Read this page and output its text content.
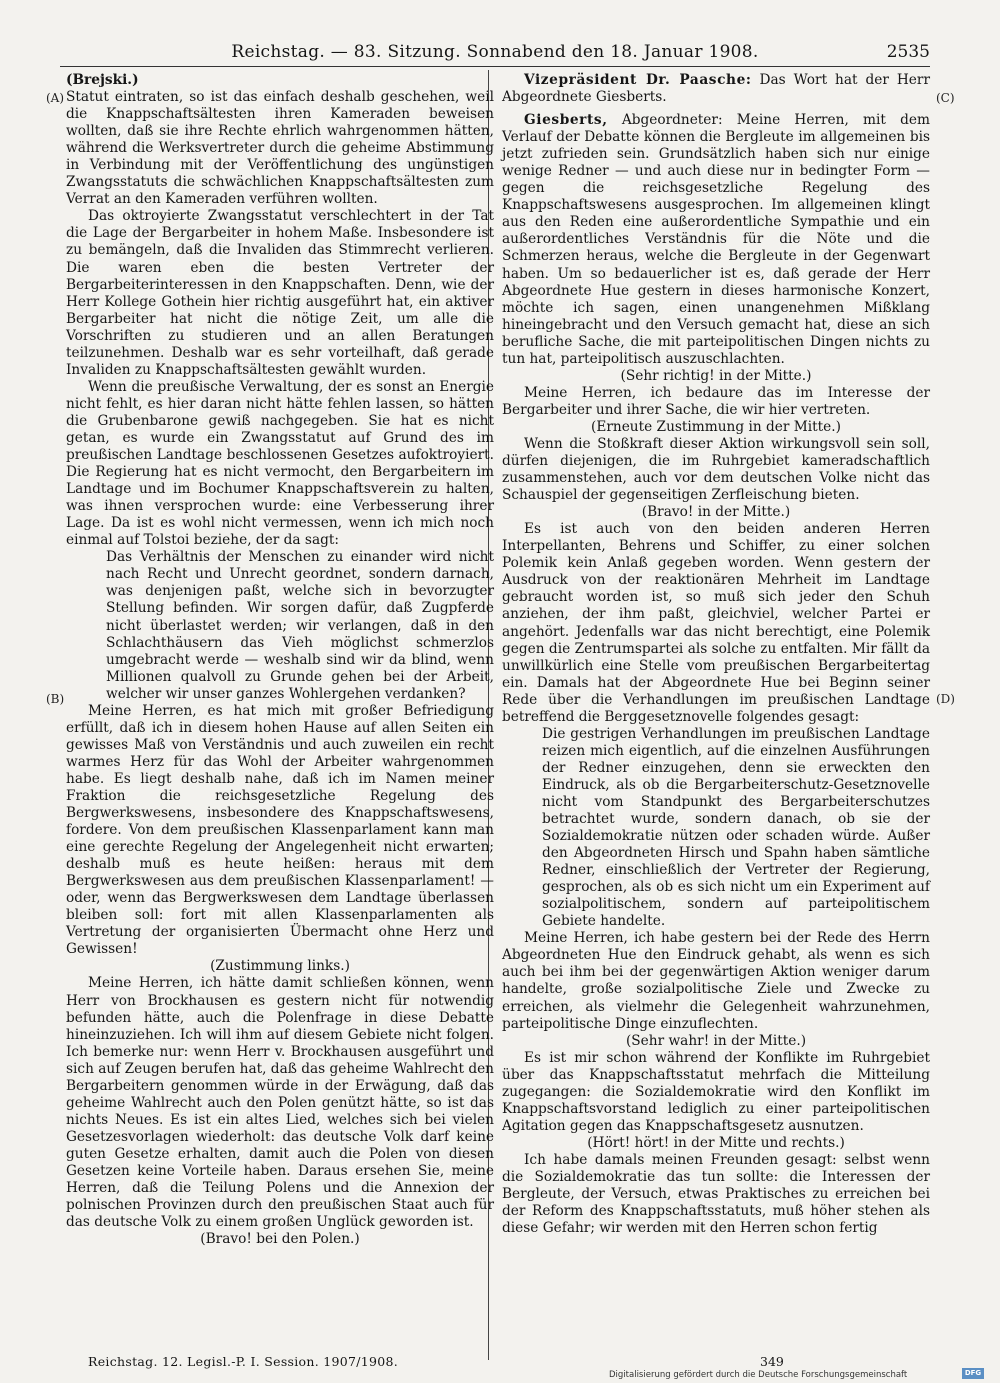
Reichstag. — 83. Sitzung. Sonnabend den 18. Januar 1908.	2535
(A)
(B)
(C)
(D)

(Brejski.)

Statut eintraten, so ist das einfach deshalb geschehen, weil die Knappschaftsältesten ihren Kameraden beweisen wollten, daß sie ihre Rechte ehrlich wahrgenommen hätten, während die Werksvertreter durch die geheime Abstimmung in Verbindung mit der Veröffentlichung des ungünstigen Zwangsstatuts die schwächlichen Knappschaftsältesten zum Verrat an den Kameraden verführen wollten.

Das oktroyierte Zwangsstatut verschlechtert in der Tat die Lage der Bergarbeiter in hohem Maße. Insbesondere ist zu bemängeln, daß die Invaliden das Stimmrecht verlieren. Die waren eben die besten Vertreter der Bergarbeiterinteressen in den Knappschaften. Denn, wie der Herr Kollege Gothein hier richtig ausgeführt hat, ein aktiver Bergarbeiter hat nicht die nötige Zeit, um alle die Vorschriften zu studieren und an allen Beratungen teilzunehmen. Deshalb war es sehr vorteilhaft, daß gerade Invaliden zu Knappschaftsältesten gewählt wurden.

Wenn die preußische Verwaltung, der es sonst an Energie nicht fehlt, es hier daran nicht hätte fehlen lassen, so hätten die Grubenbarone gewiß nachgegeben. Sie hat es nicht getan, es wurde ein Zwangsstatut auf Grund des im preußischen Landtage beschlossenen Gesetzes aufoktroyiert. Die Regierung hat es nicht vermocht, den Bergarbeitern im Landtage und im Bochumer Knappschaftsverein zu halten, was ihnen versprochen wurde: eine Verbesserung ihrer Lage. Da ist es wohl nicht vermessen, wenn ich mich noch einmal auf Tolstoi beziehe, der da sagt:

Das Verhältnis der Menschen zu einander wird nicht nach Recht und Unrecht geordnet, sondern darnach, was denjenigen paßt, welche sich in bevorzugter Stellung befinden. Wir sorgen dafür, daß Zugpferde nicht überlastet werden; wir verlangen, daß in den Schlachthäusern das Vieh möglichst schmerzlos umgebracht werde — weshalb sind wir da blind, wenn Millionen qualvoll zu Grunde gehen bei der Arbeit, welcher wir unser ganzes Wohlergehen verdanken?

Meine Herren, es hat mich mit großer Befriedigung erfüllt, daß ich in diesem hohen Hause auf allen Seiten ein gewisses Maß von Verständnis und auch zuweilen ein recht warmes Herz für das Wohl der Arbeiter wahrgenommen habe. Es liegt deshalb nahe, daß ich im Namen meiner Fraktion die reichsgesetzliche Regelung des Bergwerkswesens, insbesondere des Knappschaftswesens, fordere. Von dem preußischen Klassenparlament kann man eine gerechte Regelung der Angelegenheit nicht erwarten; deshalb muß es heute heißen: heraus mit dem Bergwerkswesen aus dem preußischen Klassenparlament! — oder, wenn das Bergwerkswesen dem Landtage überlassen bleiben soll: fort mit allen Klassenparlamenten als Vertretung der organisierten Übermacht ohne Herz und Gewissen!

(Zustimmung links.)

Meine Herren, ich hätte damit schließen können, wenn Herr von Brockhausen es gestern nicht für notwendig befunden hätte, auch die Polenfrage in diese Debatte hineinzuziehen. Ich will ihm auf diesem Gebiete nicht folgen. Ich bemerke nur: wenn Herr v. Brockhausen ausgeführt und sich auf Zeugen berufen hat, daß das geheime Wahlrecht den Bergarbeitern genommen würde in der Erwägung, daß das geheime Wahlrecht auch den Polen genützt hätte, so ist das nichts Neues. Es ist ein altes Lied, welches sich bei vielen Gesetzesvorlagen wiederholt: das deutsche Volk darf keine guten Gesetze erhalten, damit auch die Polen von diesen Gesetzen keine Vorteile haben. Daraus ersehen Sie, meine Herren, daß die Teilung Polens und die Annexion der polnischen Provinzen durch den preußischen Staat auch für das deutsche Volk zu einem großen Unglück geworden ist.

(Bravo! bei den Polen.)

Vizepräsident Dr. Paasche: Das Wort hat der Herr Abgeordnete Giesberts.

Giesberts, Abgeordneter: Meine Herren, mit dem Verlauf der Debatte können die Bergleute im allgemeinen bis jetzt zufrieden sein. Grundsätzlich haben sich nur einige wenige Redner — und auch diese nur in bedingter Form — gegen die reichsgesetzliche Regelung des Knappschaftswesens ausgesprochen. Im allgemeinen klingt aus den Reden eine außerordentliche Sympathie und ein außerordentliches Verständnis für die Nöte und die Schmerzen heraus, welche die Bergleute in der Gegenwart haben. Um so bedauerlicher ist es, daß gerade der Herr Abgeordnete Hue gestern in dieses harmonische Konzert, möchte ich sagen, einen unangenehmen Mißklang hineingebracht und den Versuch gemacht hat, diese an sich berufliche Sache, die mit parteipolitischen Dingen nichts zu tun hat, parteipolitisch auszuschlachten.

(Sehr richtig! in der Mitte.)

Meine Herren, ich bedaure das im Interesse der Bergarbeiter und ihrer Sache, die wir hier vertreten.

(Erneute Zustimmung in der Mitte.)

Wenn die Stoßkraft dieser Aktion wirkungsvoll sein soll, dürfen diejenigen, die im Ruhrgebiet kameradschaftlich zusammenstehen, auch vor dem deutschen Volke nicht das Schauspiel der gegenseitigen Zerfleischung bieten.

(Bravo! in der Mitte.)

Es ist auch von den beiden anderen Herren Interpellanten, Behrens und Schiffer, zu einer solchen Polemik kein Anlaß gegeben worden. Wenn gestern der Ausdruck von der reaktionären Mehrheit im Landtage gebraucht worden ist, so muß sich jeder den Schuh anziehen, der ihm paßt, gleichviel, welcher Partei er angehört. Jedenfalls war das nicht berechtigt, eine Polemik gegen die Zentrumspartei als solche zu entfalten. Mir fällt da unwillkürlich eine Stelle vom preußischen Bergarbeitertag ein. Damals hat der Abgeordnete Hue bei Beginn seiner Rede über die Verhandlungen im preußischen Landtage betreffend die Berggesetznovelle folgendes gesagt:

Die gestrigen Verhandlungen im preußischen Landtage reizen mich eigentlich, auf die einzelnen Ausführungen der Redner einzugehen, denn sie erweckten den Eindruck, als ob die Bergarbeiterschutz-Gesetznovelle nicht vom Standpunkt des Bergarbeiterschutzes betrachtet wurde, sondern danach, ob sie der Sozialdemokratie nützen oder schaden würde. Außer den Abgeordneten Hirsch und Spahn haben sämtliche Redner, einschließlich der Vertreter der Regierung, gesprochen, als ob es sich nicht um ein Experiment auf sozialpolitischem, sondern auf parteipolitischem Gebiete handelte.

Meine Herren, ich habe gestern bei der Rede des Herrn Abgeordneten Hue den Eindruck gehabt, als wenn es sich auch bei ihm bei der gegenwärtigen Aktion weniger darum handelte, große sozialpolitische Ziele und Zwecke zu erreichen, als vielmehr die Gelegenheit wahrzunehmen, parteipolitische Dinge einzuflechten.

(Sehr wahr! in der Mitte.)

Es ist mir schon während der Konflikte im Ruhrgebiet über das Knappschaftsstatut mehrfach die Mitteilung zugegangen: die Sozialdemokratie wird den Konflikt im Knappschaftsvorstand lediglich zu einer parteipolitischen Agitation gegen das Knappschaftsgesetz ausnutzen.

(Hört! hört! in der Mitte und rechts.)

Ich habe damals meinen Freunden gesagt: selbst wenn die Sozialdemokratie das tun sollte: die Interessen der Bergleute, der Versuch, etwas Praktisches zu erreichen bei der Reform des Knappschaftsstatuts, muß höher stehen als diese Gefahr; wir werden mit den Herren schon fertig

Reichstag. 12. Legisl.-P. I. Session. 1907/1908.	349
Digitalisierung gefördert durch die Deutsche Forschungsgemeinschaft	DFG
